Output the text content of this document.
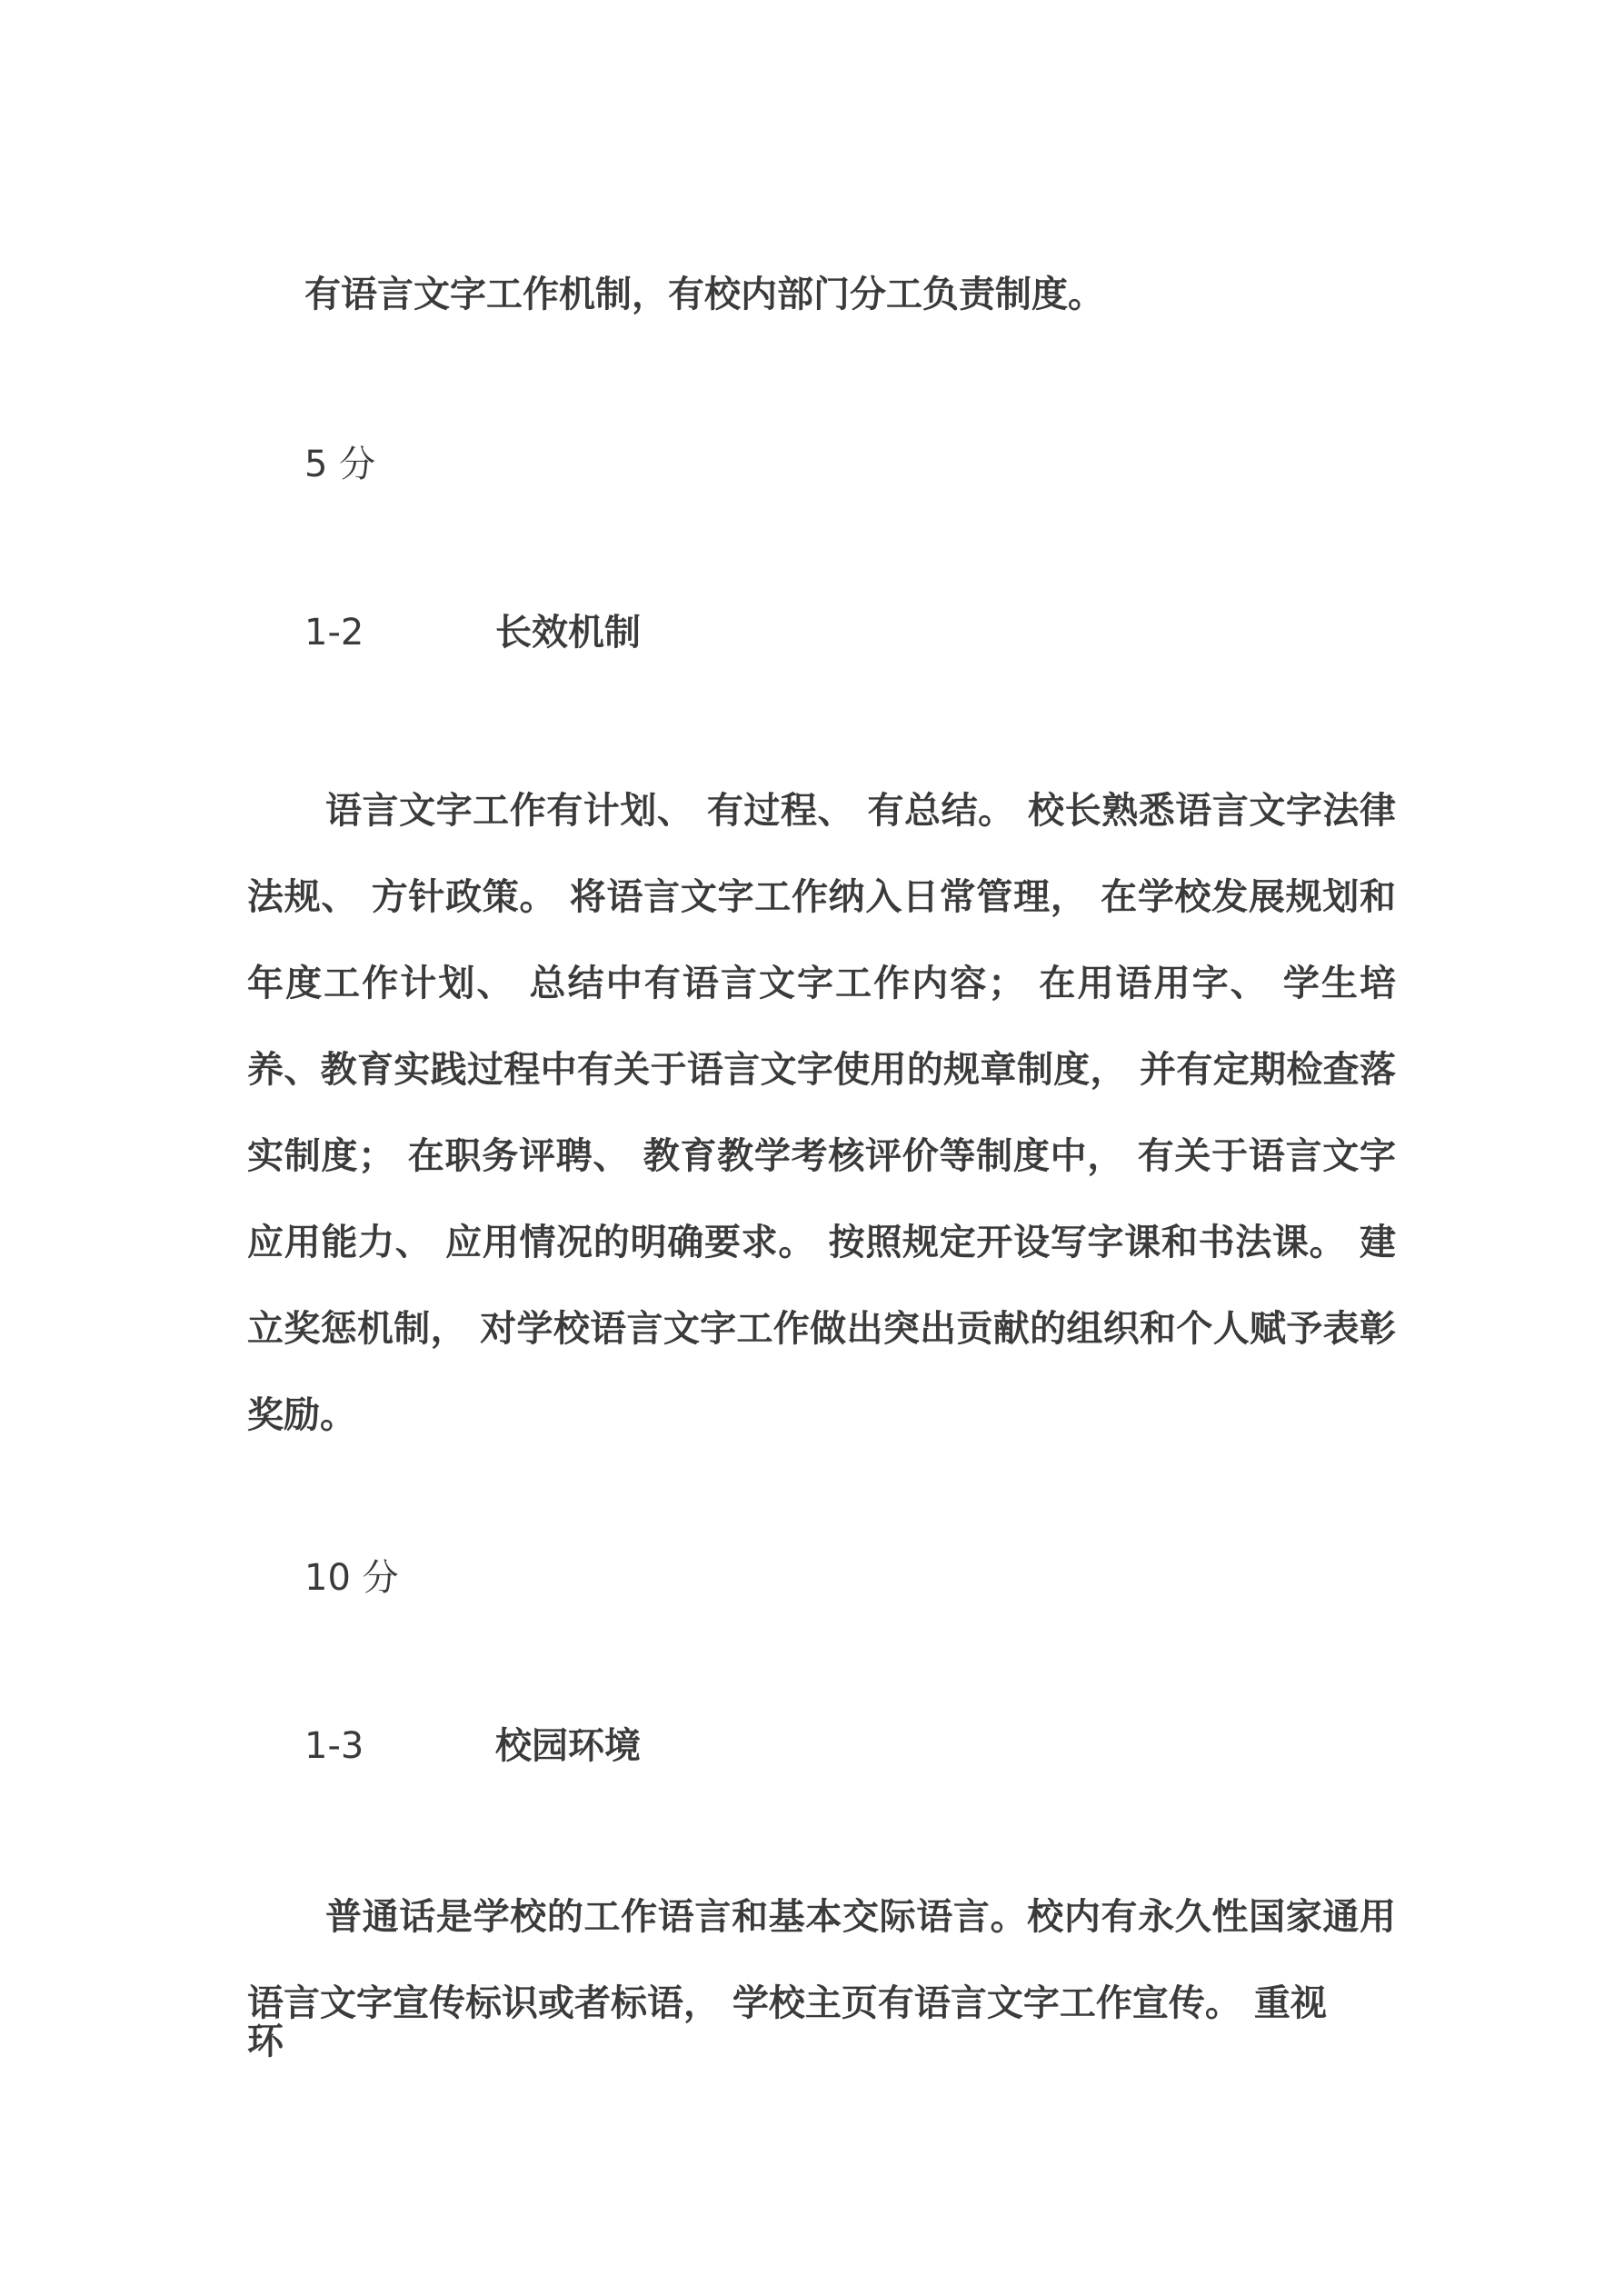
有语言文字工作机制，有校内部门分工负责制度。
5 分
1-2	长效机制
语言文字工作有计划、 有过程、 有总结。 校长熟悉语言文字法律法规、 方针政策。 将语言文字工作纳入日常管理， 在学校发展规划和年度工作计划、 总结中有语言文字工作内容； 在用语用字、 学生培养、教育实践过程中有关于语言文字使用的规章制度， 并有定期检查落实制度； 在职务评聘、 教育教学考核评价等制度中， 有关于语言文字应用能力、 应用情况的明确要求。 按照规定开设写字课和书法课。 建立奖惩机制， 对学校语言文字工作做出突出贡献的组织和个人赋予表彰奖励。
10 分
1-3	校园环境
普通话是学校的工作语言和基本交际语言。校内有永久性国家通用语言文字宣传标识或者标语， 学校主页有语言文字工作宣传。 重视
环
